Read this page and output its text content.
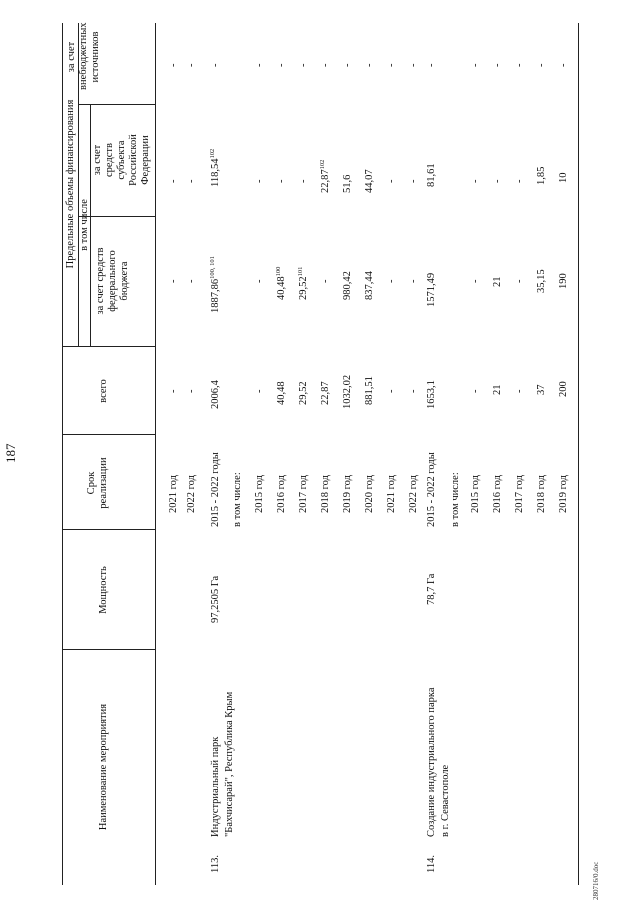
187
Наименование мероприятия
Мощность
Срок реализации
всего
Предельные объемы финансирования в том числе
за счет средств федерального бюджета
за счет средств субъекта Российской Федерации
за счет внебюджетных источников
2021 год
-
-
-
-
2022 год
-
-
-
-
113.
Индустриальный парк "Бахчисарай", Республика Крым
97,2505 Га
2015 - 2022 годы
2006,4
1887,86$^{100, 101}$
118,54$^{102}$
-
в том числе: 2015 год
-
-
-
-
2016 год
40,48
40,48$^{100}$
-
-
2017 год
29,52
29,52$^{101}$
-
-
2018 год
22,87
-
22,87$^{102}$
-
2019 год
1032,02
980,42
51,6
-
2020 год
881,51
837,44
44,07
-
2021 год
-
-
-
-
2022 год
-
-
-
-
114.
Создание индустриального парка в г. Севастополе
78,7 Га
2015 - 2022 годы
1653,1
1571,49
81,61
-
в том числе: 2015 год
-
-
-
-
2016 год
21
21
-
-
2017 год
-
-
-
-
2018 год
37
35,15
1,85
-
2019 год
200
190
10
-
280716/0.doc
